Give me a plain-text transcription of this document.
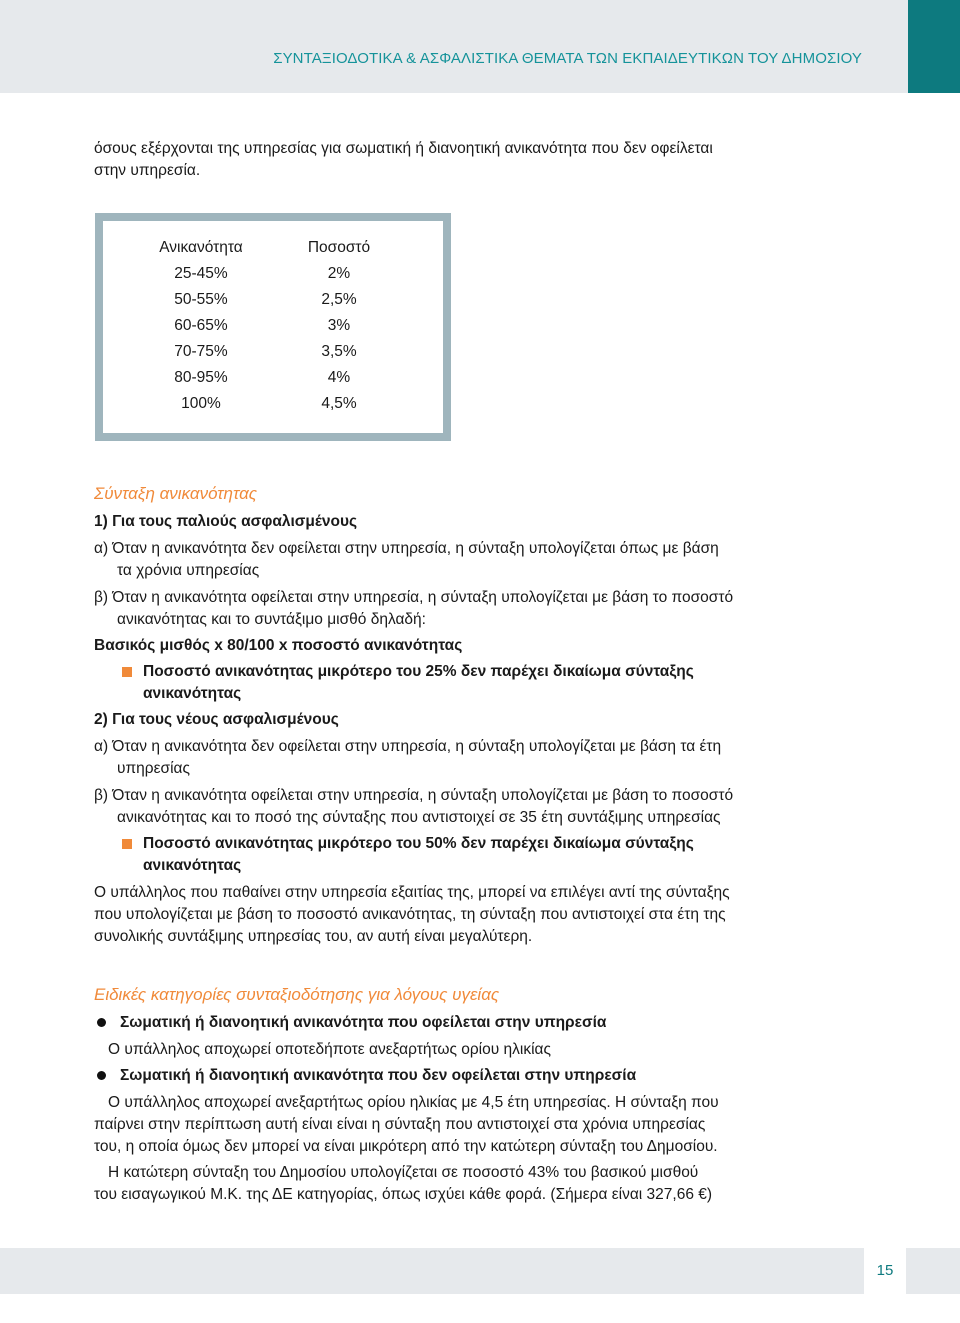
ΣΥΝΤΑΞΙΟΔΟΤΙΚΑ & ΑΣΦΑΛΙΣΤΙΚΑ ΘΕΜΑΤΑ ΤΩΝ ΕΚΠΑΙΔΕΥΤΙΚΩΝ ΤΟΥ ΔΗΜΟΣΙΟΥ
όσους εξέρχονται της υπηρεσίας για σωματική ή διανοητική ανικανότητα που δεν οφείλεται
στην υπηρεσία.
Ανικανότητα	Ποσοστό
25-45%	2%
50-55%	2,5%
60-65%	3%
70-75%	3,5%
80-95%	4%
100%	4,5%
Σύνταξη ανικανότητας
1) Για τους παλιούς ασφαλισμένους
α) Όταν η ανικανότητα δεν οφείλεται στην υπηρεσία, η σύνταξη υπολογίζεται όπως με βάση
τα χρόνια υπηρεσίας
β) Όταν η ανικανότητα οφείλεται στην υπηρεσία, η σύνταξη υπολογίζεται με βάση το ποσοστό
ανικανότητας και το συντάξιμο μισθό δηλαδή:
Βασικός μισθός x 80/100 x ποσοστό ανικανότητας
Ποσοστό ανικανότητας μικρότερο του 25% δεν παρέχει δικαίωμα σύνταξης
ανικανότητας
2) Για τους νέους ασφαλισμένους
α) Όταν η ανικανότητα δεν οφείλεται στην υπηρεσία, η σύνταξη υπολογίζεται με βάση τα έτη
υπηρεσίας
β) Όταν η ανικανότητα οφείλεται στην υπηρεσία, η σύνταξη υπολογίζεται με βάση το ποσοστό
ανικανότητας και το ποσό της σύνταξης που αντιστοιχεί σε 35 έτη συντάξιμης υπηρεσίας
Ποσοστό ανικανότητας μικρότερο του 50% δεν παρέχει δικαίωμα σύνταξης
ανικανότητας
Ο υπάλληλος που παθαίνει στην υπηρεσία εξαιτίας της, μπορεί να επιλέγει αντί της σύνταξης
που υπολογίζεται με βάση το ποσοστό ανικανότητας, τη σύνταξη που αντιστοιχεί στα έτη της
συνολικής συντάξιμης υπηρεσίας του, αν αυτή είναι μεγαλύτερη.
Ειδικές κατηγορίες συνταξιοδότησης για λόγους υγείας
Σωματική ή διανοητική ανικανότητα που οφείλεται στην υπηρεσία
Ο υπάλληλος αποχωρεί οποτεδήποτε ανεξαρτήτως ορίου ηλικίας
Σωματική ή διανοητική ανικανότητα που δεν οφείλεται στην υπηρεσία
Ο υπάλληλος αποχωρεί ανεξαρτήτως ορίου ηλικίας με 4,5 έτη υπηρεσίας. Η σύνταξη που
παίρνει στην περίπτωση αυτή είναι είναι η σύνταξη που αντιστοιχεί στα χρόνια υπηρεσίας
του, η οποία όμως δεν μπορεί να είναι μικρότερη από την κατώτερη σύνταξη του Δημοσίου.
Η κατώτερη σύνταξη του Δημοσίου υπολογίζεται σε ποσοστό 43% του βασικού μισθού
του εισαγωγικού Μ.Κ. της ΔΕ κατηγορίας, όπως ισχύει κάθε φορά. (Σήμερα είναι 327,66 €)
15
